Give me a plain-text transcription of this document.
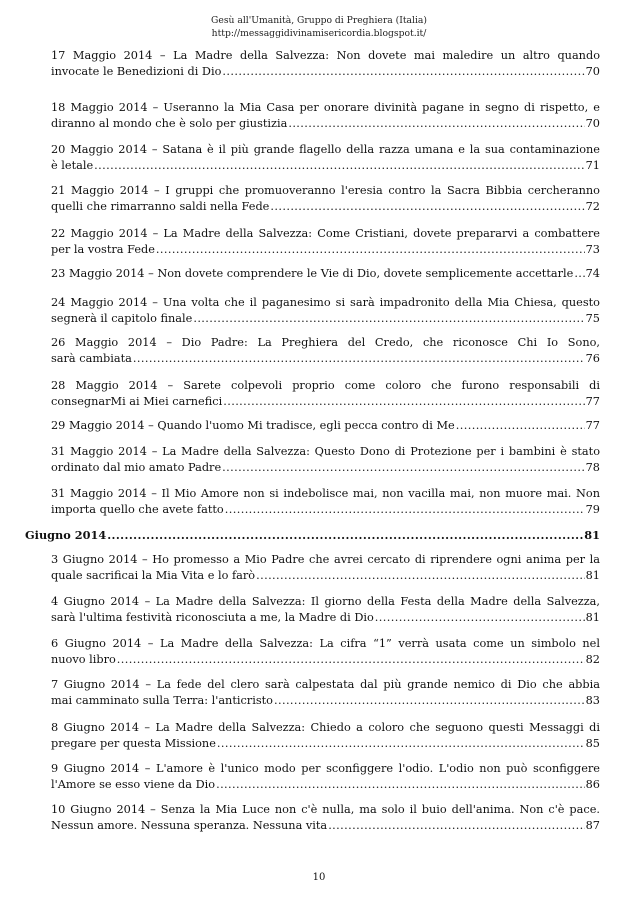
Gesù all'Umanità, Gruppo di Preghiera (Italia)
http://messaggidivinamisericordia.blogspot.it/
17 Maggio 2014 – La Madre della Salvezza: Non dovete mai maledire un altro quando
invocate le Benedizioni di Dio .....	70
18 Maggio 2014 – Useranno la Mia Casa per onorare divinità pagane in segno di rispetto, e
diranno al mondo che è solo per giustizia .....	70
20 Maggio 2014 – Satana è il più grande flagello della razza umana e la sua contaminazione
è letale .....	71
21 Maggio 2014 – I gruppi che promuoveranno l'eresia contro la Sacra Bibbia cercheranno
quelli che rimarranno saldi nella Fede .....	72
22 Maggio 2014 – La Madre della Salvezza: Come Cristiani, dovete prepararvi a combattere
per la vostra Fede .....	73
23 Maggio 2014 – Non dovete comprendere le Vie di Dio, dovete semplicemente accettarle ..... 74
24 Maggio 2014 – Una volta che il paganesimo si sarà impadronito della Mia Chiesa, questo
segnerà il capitolo finale .....	75
26 Maggio 2014 – Dio Padre: La Preghiera del Credo, che riconosce Chi Io Sono,
sarà cambiata .....	76
28 Maggio 2014 – Sarete colpevoli proprio come coloro che furono responsabili di
consegnarMi ai Miei carnefici .....	77
29 Maggio 2014 – Quando l'uomo Mi tradisce, egli pecca contro di Me .....	77
31 Maggio 2014 – La Madre della Salvezza: Questo Dono di Protezione per i bambini è stato
ordinato dal mio amato Padre .....	78
31 Maggio 2014 – Il Mio Amore non si indebolisce mai, non vacilla mai, non muore mai. Non
importa quello che avete fatto .....	79
Giugno 2014 .....	81
3 Giugno 2014 – Ho promesso a Mio Padre che avrei cercato di riprendere ogni anima per la
quale sacrificai la Mia Vita e lo farò .....	81
4 Giugno 2014 – La Madre della Salvezza: Il giorno della Festa della Madre della Salvezza,
sarà l'ultima festività riconosciuta a me, la Madre di Dio .....	81
6 Giugno 2014 – La Madre della Salvezza: La cifra “1” verrà usata come un simbolo nel
nuovo libro .....	82
7 Giugno 2014 – La fede del clero sarà calpestata dal più grande nemico di Dio che abbia
mai camminato sulla Terra: l'anticristo .....	83
8 Giugno 2014 – La Madre della Salvezza: Chiedo a coloro che seguono questi Messaggi di
pregare per questa Missione .....	85
9 Giugno 2014 – L'amore è l'unico modo per sconfiggere l'odio. L'odio non può sconfiggere
l'Amore se esso viene da Dio .....	86
10 Giugno 2014 – Senza la Mia Luce non c'è nulla, ma solo il buio dell'anima. Non c'è pace.
Nessun amore. Nessuna speranza. Nessuna vita .....	87
10
